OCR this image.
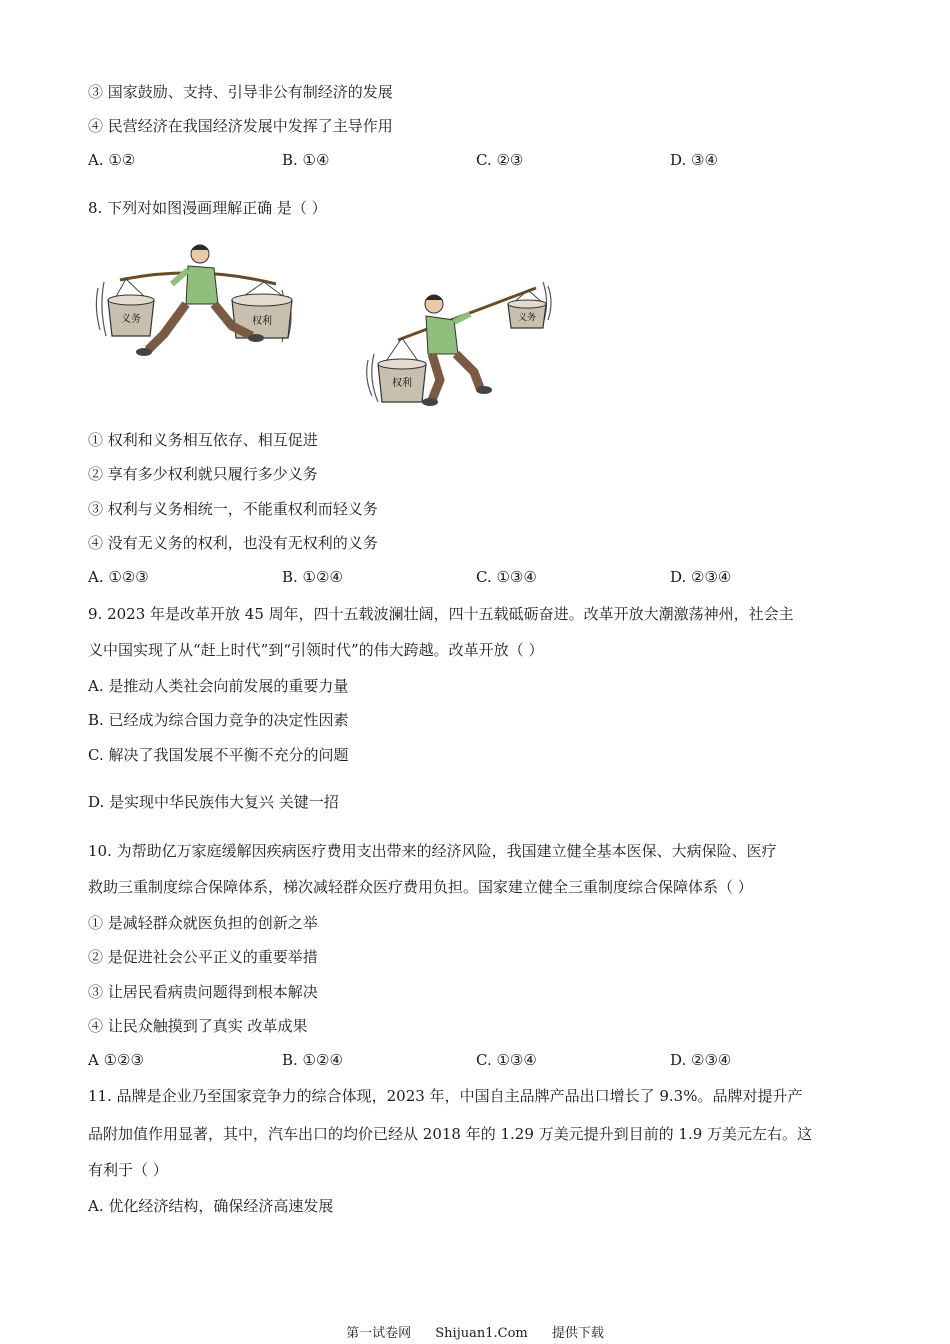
③ 国家鼓励、支持、引导非公有制经济的发展
④ 民营经济在我国经济发展中发挥了主导作用
A. ①②	B. ①④	C. ②③	D. ③④
8. 下列对如图漫画理解正确 是（ ）
义务	权利
权利
义务
① 权利和义务相互依存、相互促进
② 享有多少权利就只履行多少义务
③ 权利与义务相统一，不能重权利而轻义务
④ 没有无义务的权利，也没有无权利的义务
A. ①②③	B. ①②④	C. ①③④	D. ②③④
9. 2023 年是改革开放 45 周年，四十五载波澜壮阔，四十五载砥砺奋进。改革开放大潮激荡神州，社会主
义中国实现了从“赶上时代”到“引领时代”的伟大跨越。改革开放（ ）
A. 是推动人类社会向前发展的重要力量
B. 已经成为综合国力竞争的决定性因素
C. 解决了我国发展不平衡不充分的问题
D. 是实现中华民族伟大复兴 关键一招
10. 为帮助亿万家庭缓解因疾病医疗费用支出带来的经济风险，我国建立健全基本医保、大病保险、医疗
救助三重制度综合保障体系，梯次减轻群众医疗费用负担。国家建立健全三重制度综合保障体系（ ）
① 是减轻群众就医负担的创新之举
② 是促进社会公平正义的重要举措
③ 让居民看病贵问题得到根本解决
④ 让民众触摸到了真实 改革成果
A ①②③	B. ①②④	C. ①③④	D. ②③④
11. 品牌是企业乃至国家竞争力的综合体现，2023 年，中国自主品牌产品出口增长了 9.3%。品牌对提升产
品附加值作用显著，其中，汽车出口的均价已经从 2018 年的 1.29 万美元提升到目前的 1.9 万美元左右。这
有利于（ ）
A. 优化经济结构，确保经济高速发展
第一试卷网 Shijuan1.Com 提供下载
